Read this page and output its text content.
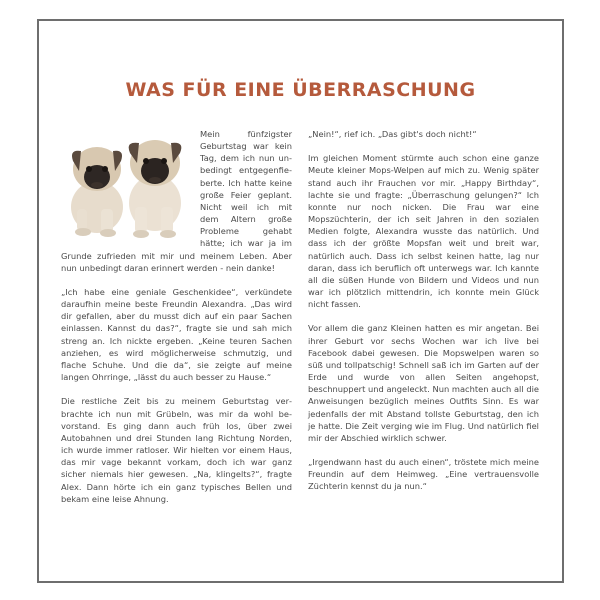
WAS FÜR EINE ÜBERRASCHUNG

Mein fünfzigster Geburtstag war kein Tag, dem ich nun unbedingt entgegenfieberte. Ich hatte keine große Feier geplant. Nicht weil ich mit dem Altern große Probleme gehabt hätte; ich war ja im Grunde zufrieden mit mir und meinem Leben. Aber nun unbedingt daran erinnert werden - nein danke!

„Ich habe eine geniale Geschenkidee“, verkündete daraufhin meine beste Freundin Alexandra. „Das wird dir gefallen, aber du musst dich auf ein paar Sachen einlassen. Kannst du das?“, fragte sie und sah mich streng an. Ich nickte ergeben. „Keine teuren Sachen anziehen, es wird möglicherweise schmutzig, und flache Schuhe. Und die da“, sie zeigte auf meine langen Ohrringe, „lässt du auch besser zu Hause.“

Die restliche Zeit bis zu meinem Geburtstag verbrachte ich nun mit Grübeln, was mir da wohl bevorstand. Es ging dann auch früh los, über zwei Autobahnen und drei Stunden lang Richtung Norden, ich wurde immer ratloser. Wir hielten vor einem Haus, das mir vage bekannt vorkam, doch ich war ganz sicher niemals hier gewesen. „Na, klingelts?“, fragte Alex. Dann hörte ich ein ganz typisches Bellen und bekam eine leise Ahnung.

„Nein!“, rief ich. „Das gibt's doch nicht!“

Im gleichen Moment stürmte auch schon eine ganze Meute kleiner Mops-Welpen auf mich zu. Wenig später stand auch ihr Frauchen vor mir. „Happy Birthday“, lachte sie und fragte: „Überraschung gelungen?“ Ich konnte nur noch nicken. Die Frau war eine Mopszüchterin, der ich seit Jahren in den sozialen Medien folgte, Alexandra wusste das natürlich. Und dass ich der größte Mopsfan weit und breit war, natürlich auch. Dass ich selbst keinen hatte, lag nur daran, dass ich beruflich oft unterwegs war. Ich kannte all die süßen Hunde von Bildern und Videos und nun war ich plötzlich mittendrin, ich konnte mein Glück nicht fassen.

Vor allem die ganz Kleinen hatten es mir angetan. Bei ihrer Geburt vor sechs Wochen war ich live bei Facebook dabei gewesen. Die Mopswelpen waren so süß und tollpatschig! Schnell saß ich im Garten auf der Erde und wurde von allen Seiten angehopst, beschnuppert und angeleckt. Nun machten auch all die Anweisungen bezüglich meines Outfits Sinn. Es war jedenfalls der mit Abstand tollste Geburtstag, den ich je hatte. Die Zeit verging wie im Flug. Und natürlich fiel mir der Abschied wirklich schwer.

„Irgendwann hast du auch einen“, tröstete mich meine Freundin auf dem Heimweg. „Eine vertrauensvolle Züchterin kennst du ja nun.“
